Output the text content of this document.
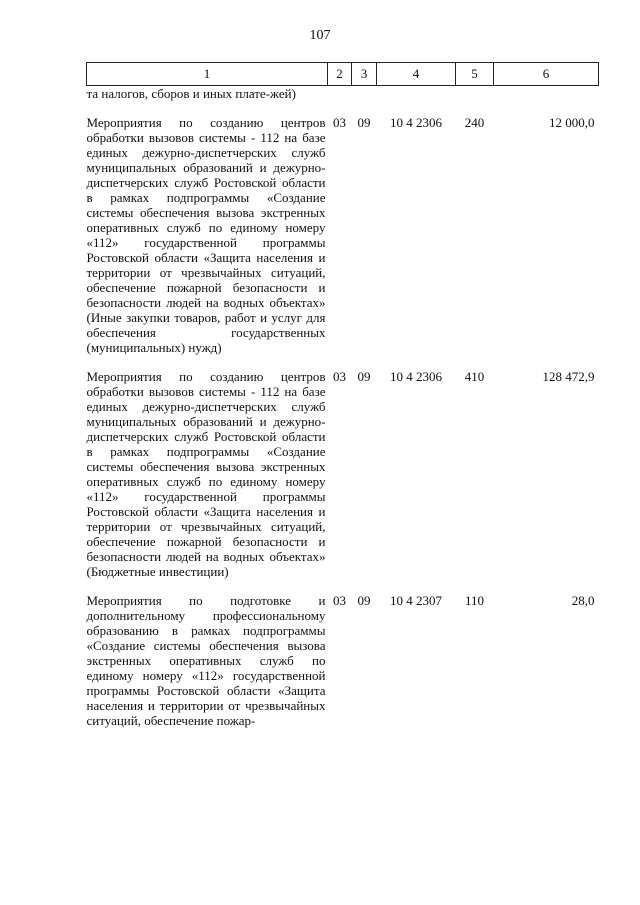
107
1	2	3	4	5	6
та налогов, сборов и иных плате-жей)					

Мероприятия по созданию центров обработки вызовов системы - 112 на базе единых дежурно-диспетчерских служб муниципальных образований и дежурно-диспетчерских служб Ростовской области в рамках подпрограммы «Создание системы обеспечения вызова экстренных оперативных служб по единому номеру «112» государственной программы Ростовской области «Защита населения и территории от чрезвычайных ситуаций, обеспечение пожарной безопасности и безопасности людей на водных объектах» (Иные закупки товаров, работ и услуг для обеспечения государственных (муниципальных) нужд)	03	09	10 4 2306	240	12 000,0

Мероприятия по созданию центров обработки вызовов системы - 112 на базе единых дежурно-диспетчерских служб муниципальных образований и дежурно-диспетчерских служб Ростовской области в рамках подпрограммы «Создание системы обеспечения вызова экстренных оперативных служб по единому номеру «112» государственной программы Ростовской области «Защита населения и территории от чрезвычайных ситуаций, обеспечение пожарной безопасности и безопасности людей на водных объектах» (Бюджетные инвестиции)	03	09	10 4 2306	410	128 472,9

Мероприятия по подготовке и дополнительному профессиональному образованию в рамках подпрограммы «Создание системы обеспечения вызова экстренных оперативных служб по единому номеру «112» государственной программы Ростовской области «Защита населения и территории от чрезвычайных ситуаций, обеспечение пожар-	03	09	10 4 2307	110	28,0
